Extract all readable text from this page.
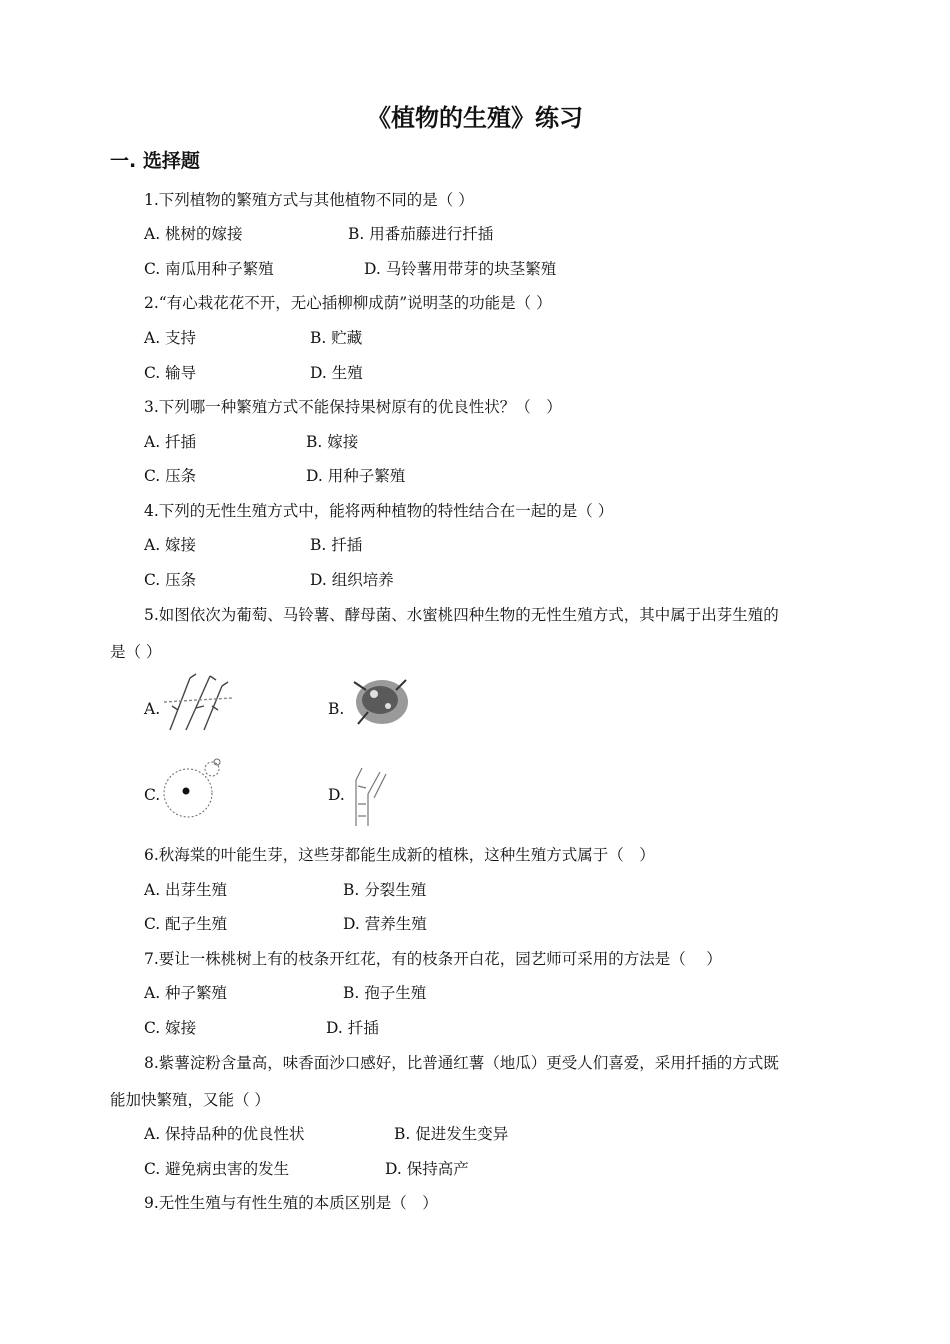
《植物的生殖》练习
一. 选择题
1.下列植物的繁殖方式与其他植物不同的是（ ）
A. 桃树的嫁接	B. 用番茄藤进行扦插
C. 南瓜用种子繁殖	D. 马铃薯用带芽的块茎繁殖
2.“有心栽花花不开，无心插柳柳成荫”说明茎的功能是（ ）
A. 支持	B. 贮藏
C. 输导	D. 生殖
3.下列哪一种繁殖方式不能保持果树原有的优良性状？（　）
A. 扦插	B. 嫁接
C. 压条	D. 用种子繁殖
4.下列的无性生殖方式中，能将两种植物的特性结合在一起的是（ ）
A. 嫁接	B. 扦插
C. 压条	D. 组织培养
5.如图依次为葡萄、马铃薯、酵母菌、水蜜桃四种生物的无性生殖方式，其中属于出芽生殖的
是（ ）
A.	B.
C.	D.
6.秋海棠的叶能生芽，这些芽都能生成新的植株，这种生殖方式属于（　）
A. 出芽生殖	B. 分裂生殖
C. 配子生殖	D. 营养生殖
7.要让一株桃树上有的枝条开红花，有的枝条开白花，园艺师可采用的方法是（　 ）
A. 种子繁殖	B. 孢子生殖
C. 嫁接	D. 扦插
8.紫薯淀粉含量高，味香面沙口感好，比普通红薯（地瓜）更受人们喜爱，采用扦插的方式既
能加快繁殖，又能（ ）
A. 保持品种的优良性状	B. 促进发生变异
C. 避免病虫害的发生	D. 保持高产
9.无性生殖与有性生殖的本质区别是（　）
